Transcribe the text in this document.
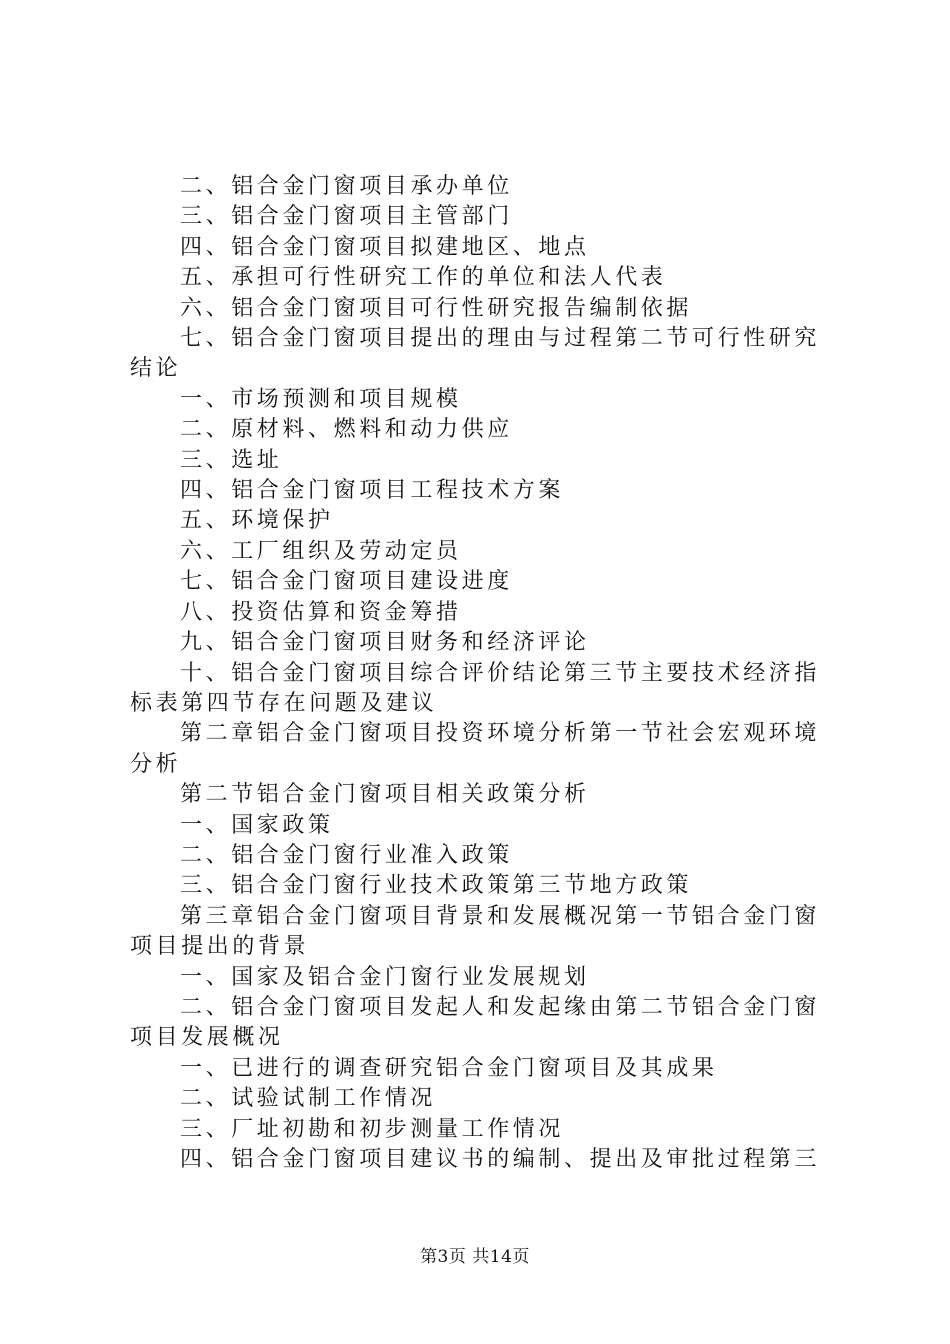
二、铝合金门窗项目承办单位

三、铝合金门窗项目主管部门

四、铝合金门窗项目拟建地区、地点

五、承担可行性研究工作的单位和法人代表

六、铝合金门窗项目可行性研究报告编制依据

七、铝合金门窗项目提出的理由与过程第二节可行性研究结论

一、市场预测和项目规模

二、原材料、燃料和动力供应

三、选址

四、铝合金门窗项目工程技术方案

五、环境保护

六、工厂组织及劳动定员

七、铝合金门窗项目建设进度

八、投资估算和资金筹措

九、铝合金门窗项目财务和经济评论

十、铝合金门窗项目综合评价结论第三节主要技术经济指标表第四节存在问题及建议

第二章铝合金门窗项目投资环境分析第一节社会宏观环境分析

第二节铝合金门窗项目相关政策分析

一、国家政策

二、铝合金门窗行业准入政策

三、铝合金门窗行业技术政策第三节地方政策

第三章铝合金门窗项目背景和发展概况第一节铝合金门窗项目提出的背景

一、国家及铝合金门窗行业发展规划

二、铝合金门窗项目发起人和发起缘由第二节铝合金门窗项目发展概况

一、已进行的调查研究铝合金门窗项目及其成果

二、试验试制工作情况

三、厂址初勘和初步测量工作情况

四、铝合金门窗项目建议书的编制、提出及审批过程第三

第3页 共14页
